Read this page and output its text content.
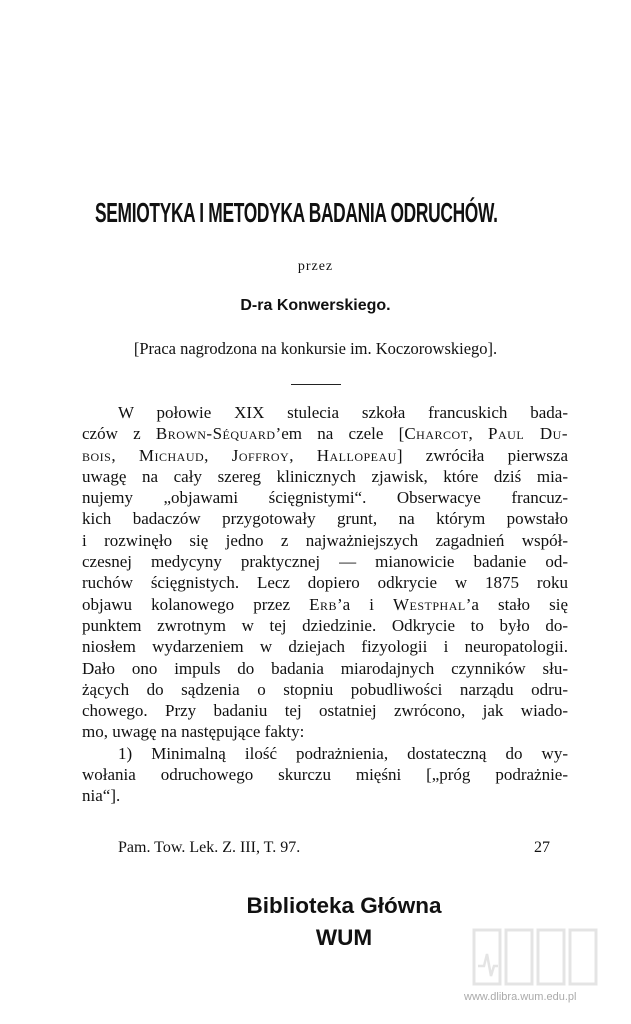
SEMIOTYKA I METODYKA BADANIA ODRUCHÓW.
przez
D-ra Konwerskiego.
[Praca nagrodzona na konkursie im. Koczorowskiego].
W połowie XIX stulecia szkoła francuskich bada-
czów z Brown-Séquard’em na czele [Charcot, Paul Du-
bois, Michaud, Joffroy, Hallopeau] zwróciła pierwsza
uwagę na cały szereg klinicznych zjawisk, które dziś mia-
nujemy „objawami ścięgnistymi“. Obserwacye francuz-
kich badaczów przygotowały grunt, na którym powstało
i rozwinęło się jedno z najważniejszych zagadnień współ-
czesnej medycyny praktycznej — mianowicie badanie od-
ruchów ścięgnistych. Lecz dopiero odkrycie w 1875 roku
objawu kolanowego przez Erb’a i Westphal’a stało się
punktem zwrotnym w tej dziedzinie. Odkrycie to było do-
niosłem wydarzeniem w dziejach fizyologii i neuropatologii.
Dało ono impuls do badania miarodajnych czynników słu-
żących do sądzenia o stopniu pobudliwości narządu odru-
chowego. Przy badaniu tej ostatniej zwrócono, jak wiado-
mo, uwagę na następujące fakty:
1) Minimalną ilość podrażnienia, dostateczną do wy-
wołania odruchowego skurczu mięśni [„próg podrażnie-
nia“].
Pam. Tow. Lek. Z. III, T. 97.	27
Biblioteka Główna
WUM
www.dlibra.wum.edu.pl
